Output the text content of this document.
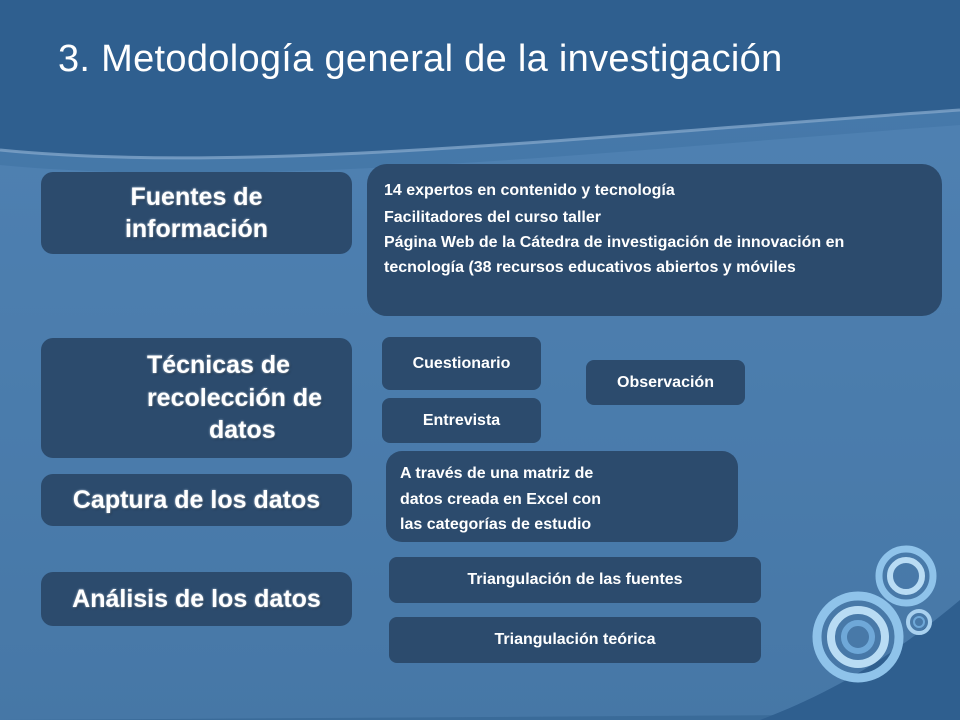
3. Metodología general de la investigación
Fuentes de información
Técnicas de
recolección de
datos
Captura de los datos
Análisis de los datos

14 expertos en contenido y tecnología

Facilitadores del curso taller

Página Web de la Cátedra de investigación de innovación en tecnología (38 recursos educativos abiertos y móviles

Cuestionario
Entrevista
Observación

A través de una matriz de

datos creada en Excel con

las categorías de estudio

Triangulación de las fuentes
Triangulación teórica
